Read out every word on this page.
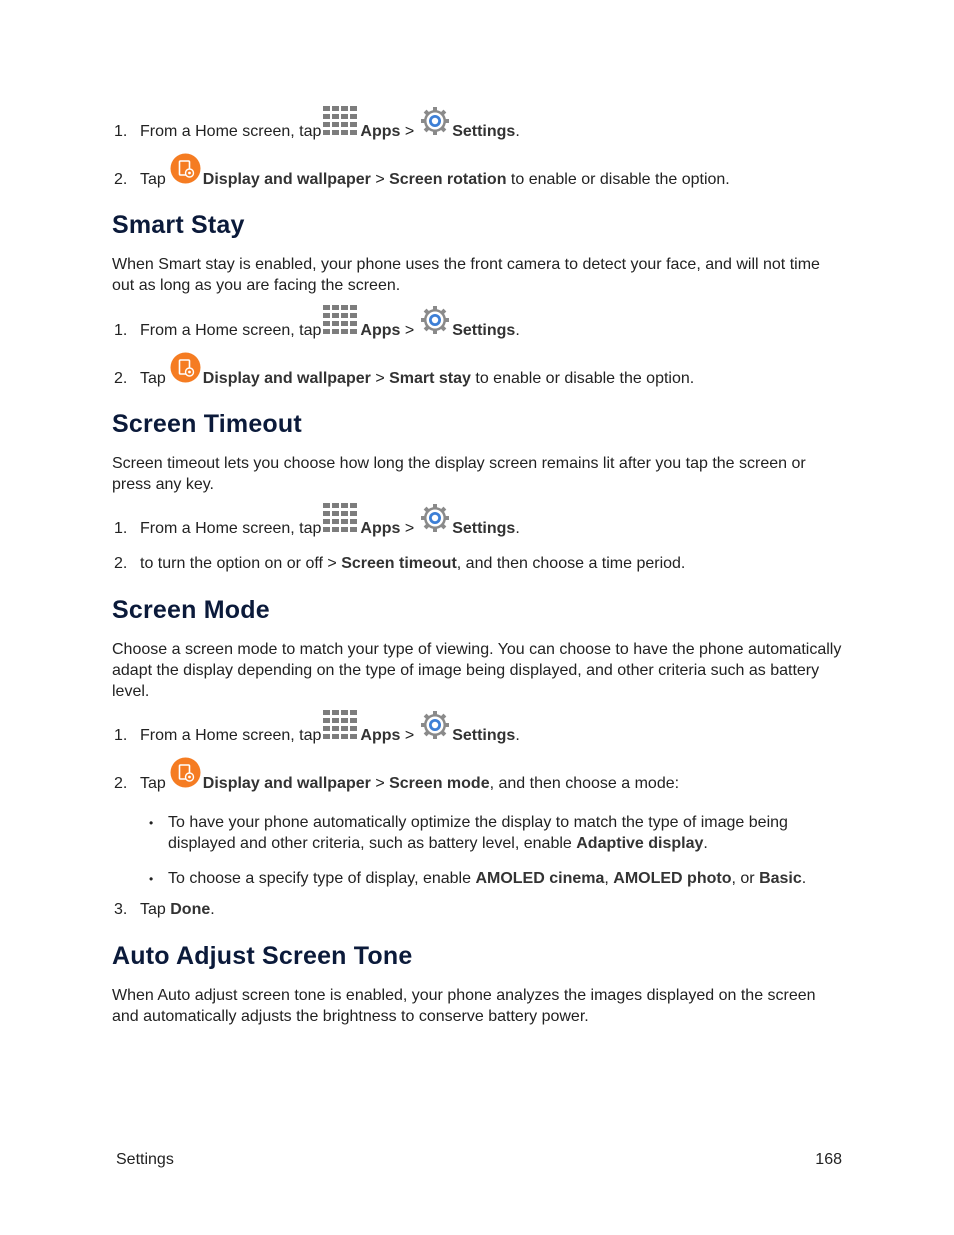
1. From a Home screen, tap Apps > Settings.
2. Tap Display and wallpaper > Screen rotation to enable or disable the option.
Smart Stay

When Smart stay is enabled, your phone uses the front camera to detect your face, and will not time out as long as you are facing the screen.

1. From a Home screen, tap Apps > Settings.
2. Tap Display and wallpaper > Smart stay to enable or disable the option.
Screen Timeout

Screen timeout lets you choose how long the display screen remains lit after you tap the screen or press any key.

1. From a Home screen, tap Apps > Settings.
2. to turn the option on or off > Screen timeout, and then choose a time period.
Screen Mode

Choose a screen mode to match your type of viewing. You can choose to have the phone automatically adapt the display depending on the type of image being displayed, and other criteria such as battery level.

1. From a Home screen, tap Apps > Settings.
2. Tap Display and wallpaper > Screen mode, and then choose a mode:
• To have your phone automatically optimize the display to match the type of image being displayed and other criteria, such as battery level, enable Adaptive display.
• To choose a specify type of display, enable AMOLED cinema, AMOLED photo, or Basic.
3. Tap Done.
Auto Adjust Screen Tone

When Auto adjust screen tone is enabled, your phone analyzes the images displayed on the screen and automatically adjusts the brightness to conserve battery power.

Settings	168
